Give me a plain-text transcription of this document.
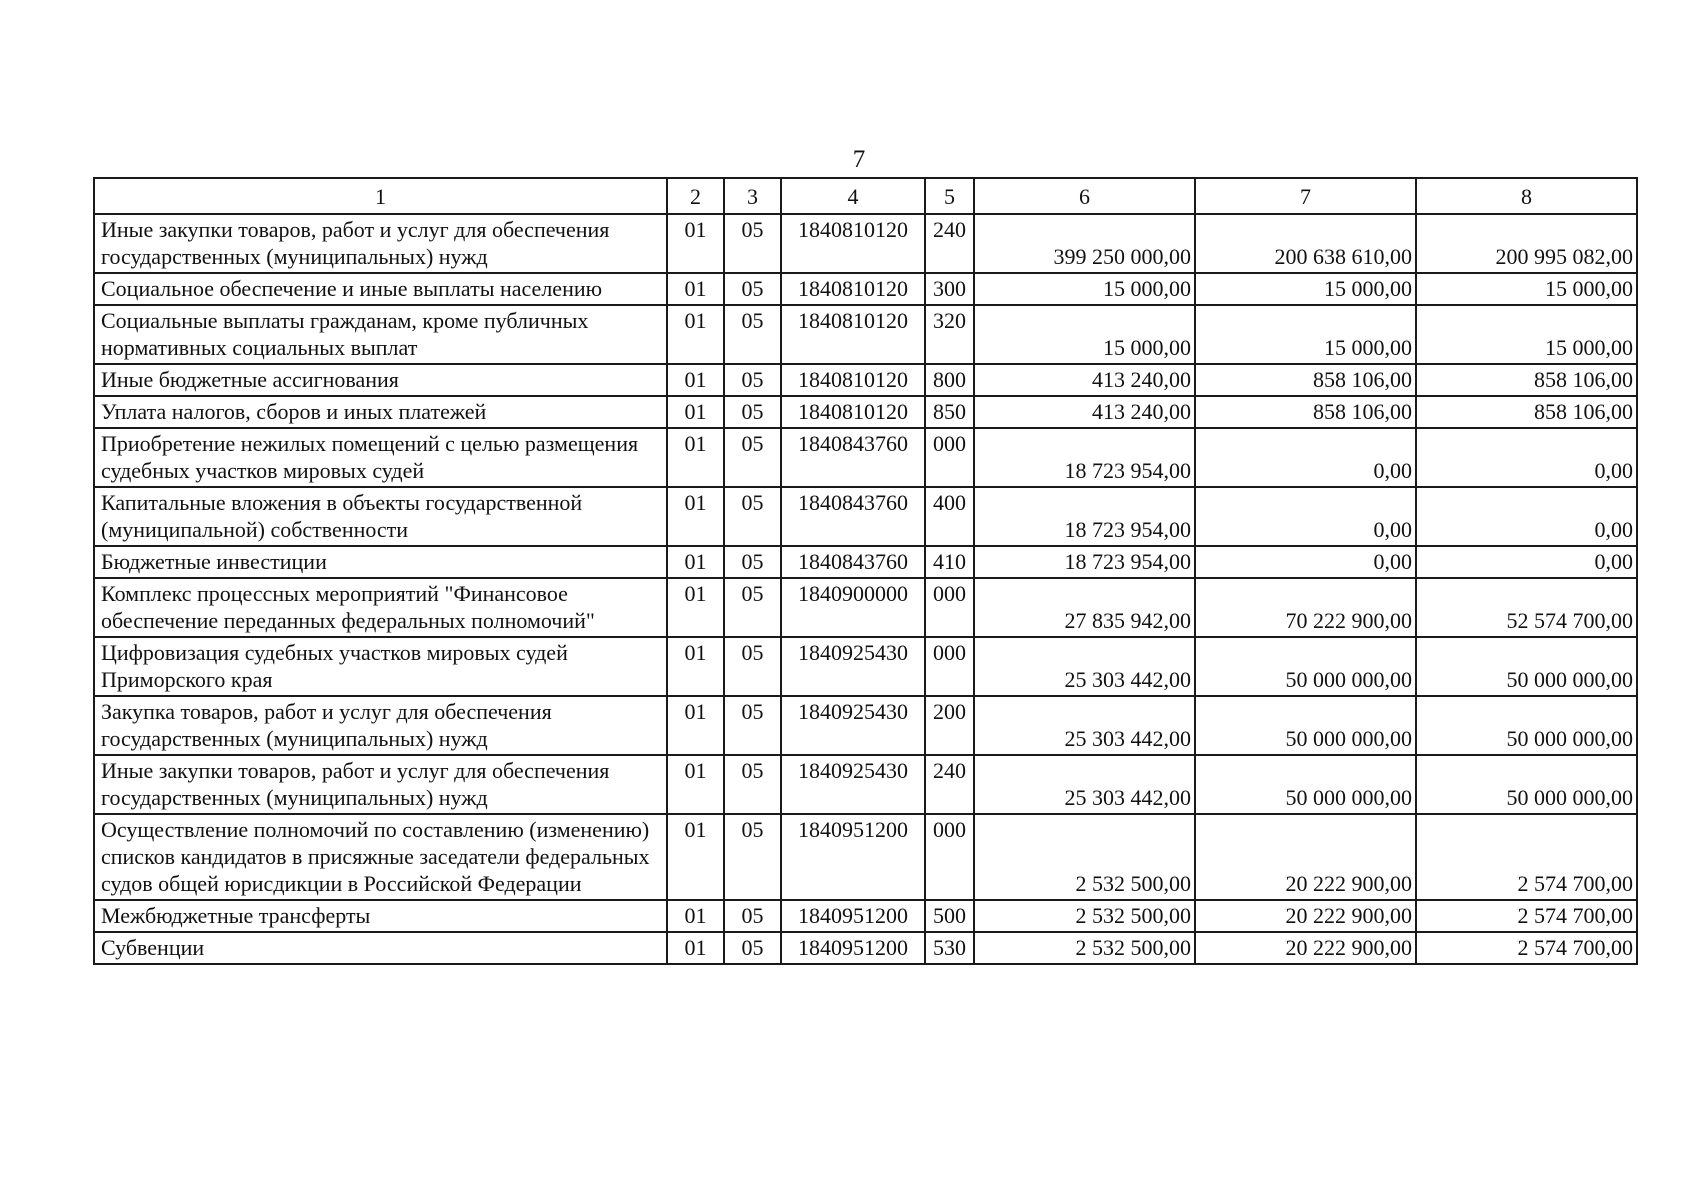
7
1	2	3	4	5	6	7	8
Иные закупки товаров, работ и услуг для обеспечения государственных (муниципальных) нужд	01	05	1840810120	240	399 250 000,00	200 638 610,00	200 995 082,00
Социальное обеспечение и иные выплаты населению	01	05	1840810120	300	15 000,00	15 000,00	15 000,00
Социальные выплаты гражданам, кроме публичных нормативных социальных выплат	01	05	1840810120	320	15 000,00	15 000,00	15 000,00
Иные бюджетные ассигнования	01	05	1840810120	800	413 240,00	858 106,00	858 106,00
Уплата налогов, сборов и иных платежей	01	05	1840810120	850	413 240,00	858 106,00	858 106,00
Приобретение нежилых помещений с целью размещения судебных участков мировых судей	01	05	1840843760	000	18 723 954,00	0,00	0,00
Капитальные вложения в объекты государственной (муниципальной) собственности	01	05	1840843760	400	18 723 954,00	0,00	0,00
Бюджетные инвестиции	01	05	1840843760	410	18 723 954,00	0,00	0,00
Комплекс процессных мероприятий "Финансовое обеспечение переданных федеральных полномочий"	01	05	1840900000	000	27 835 942,00	70 222 900,00	52 574 700,00
Цифровизация судебных участков мировых судей Приморского края	01	05	1840925430	000	25 303 442,00	50 000 000,00	50 000 000,00
Закупка товаров, работ и услуг для обеспечения государственных (муниципальных) нужд	01	05	1840925430	200	25 303 442,00	50 000 000,00	50 000 000,00
Иные закупки товаров, работ и услуг для обеспечения государственных (муниципальных) нужд	01	05	1840925430	240	25 303 442,00	50 000 000,00	50 000 000,00
Осуществление полномочий по составлению (изменению) списков кандидатов в присяжные заседатели федеральных судов общей юрисдикции в Российской Федерации	01	05	1840951200	000	2 532 500,00	20 222 900,00	2 574 700,00
Межбюджетные трансферты	01	05	1840951200	500	2 532 500,00	20 222 900,00	2 574 700,00
Субвенции	01	05	1840951200	530	2 532 500,00	20 222 900,00	2 574 700,00
